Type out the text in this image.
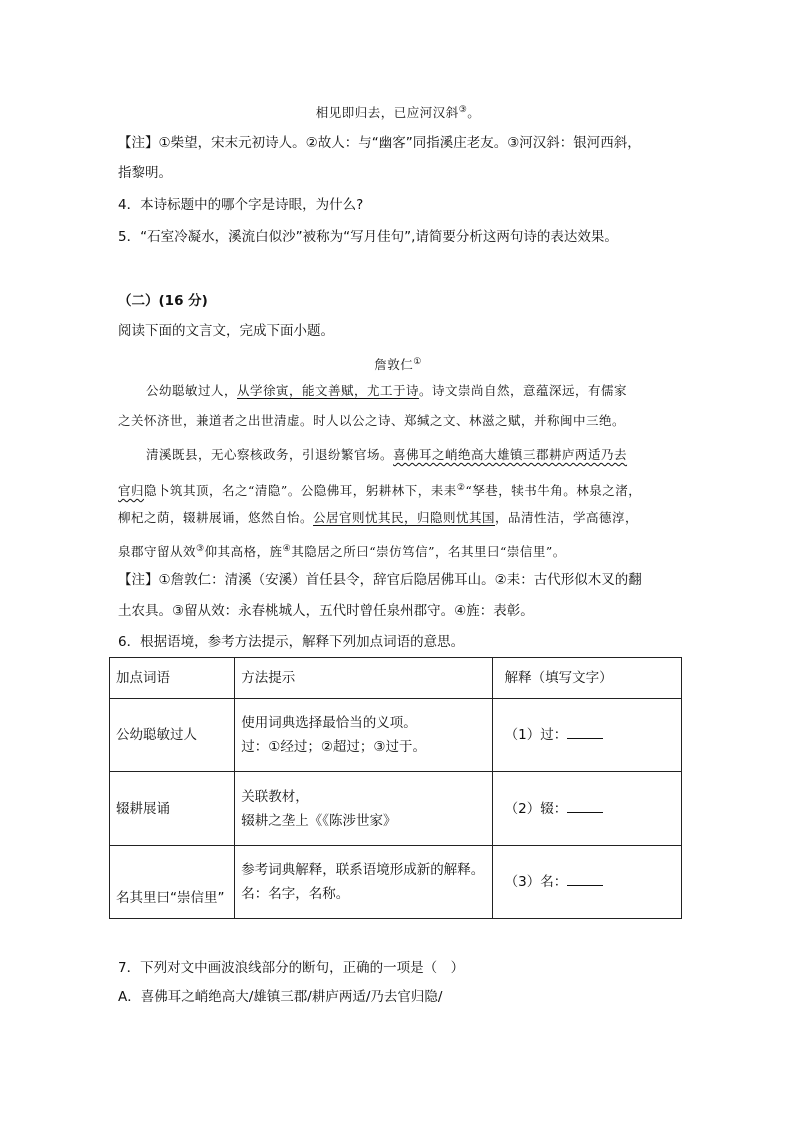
相见即归去，已应河汉斜③。
【注】①柴望，宋末元初诗人。②故人：与“幽客”同指溪庄老友。③河汉斜：银河西斜，
指黎明。
4．本诗标题中的哪个字是诗眼，为什么?
5．“石室冷凝水，溪流白似沙”被称为“写月佳句”,请简要分析这两句诗的表达效果。
（二）(16 分)
阅读下面的文言文，完成下面小题。
詹敦仁①
公幼聪敏过人，从学徐寅，能文善赋，尤工于诗。诗文崇尚自然，意蕴深远，有儒家
之关怀济世，兼道者之出世清虚。时人以公之诗、郑缄之文、林滋之赋，并称闽中三绝。
清溪既县，无心察核政务，引退纷繁官场。喜佛耳之峭绝高大雄镇三郡耕庐两适乃去
官归隐卜筑其顶，名之“清隐”。公隐佛耳，躬耕林下，耒耒②“孥巷，犊书牛角。林泉之渚，
柳杞之荫，辍耕展诵，悠然自怡。公居官则忧其民，归隐则忧其国，品清性洁，学高德淳，
泉郡守留从效③仰其高格，旌④其隐居之所曰“崇仿笃信”，名其里曰“崇信里”。
【注】①詹敦仁：清溪（安溪）首任县令，辞官后隐居佛耳山。②耒：古代形似木叉的翻
土农具。③留从效：永春桃城人，五代时曾任泉州郡守。④旌：表彰。
6．根据语境，参考方法提示，解释下列加点词语的意思。
加点词语	方法提示	解释（填写文字）
公幼聪敏过人	使用词典选择最恰当的义项。
过：①经过；②超过；③过于。	（1）过：
辍耕展诵	关联教材，
辍耕之垄上《《陈涉世家》	（2）辍：
名其里曰“崇信里”	参考词典解释，联系语境形成新的解释。
名：名字，名称。	（3）名：
7．下列对文中画波浪线部分的断句，正确的一项是（　）
A．喜佛耳之峭绝高大/雄镇三郡/耕庐两适/乃去官归隐/
